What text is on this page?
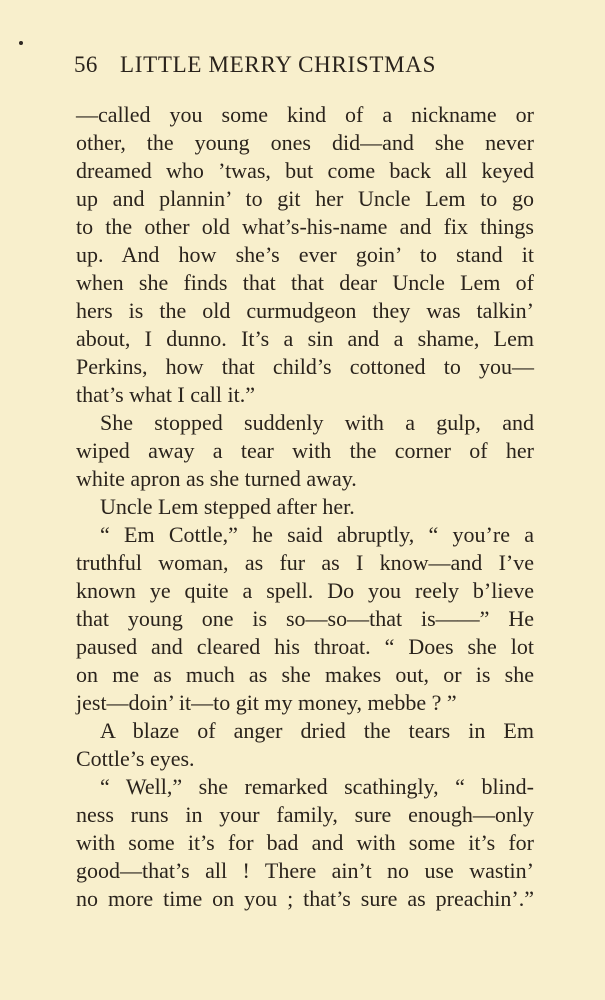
56 LITTLE MERRY CHRISTMAS
—called you some kind of a nickname or
other, the young ones did—and she never
dreamed who ’twas, but come back all keyed
up and plannin’ to git her Uncle Lem to go
to the other old what’s-his-name and fix things
up. And how she’s ever goin’ to stand it
when she finds that that dear Uncle Lem of
hers is the old curmudgeon they was talkin’
about, I dunno. It’s a sin and a shame, Lem
Perkins, how that child’s cottoned to you—
that’s what I call it.”
She stopped suddenly with a gulp, and
wiped away a tear with the corner of her
white apron as she turned away.
Uncle Lem stepped after her.
“ Em Cottle,” he said abruptly, “ you’re a
truthful woman, as fur as I know—and I’ve
known ye quite a spell. Do you reely b’lieve
that young one is so—so—that is——” He
paused and cleared his throat. “ Does she lot
on me as much as she makes out, or is she
jest—doin’ it—to git my money, mebbe ? ”
A blaze of anger dried the tears in Em
Cottle’s eyes.
“ Well,” she remarked scathingly, “ blind-
ness runs in your family, sure enough—only
with some it’s for bad and with some it’s for
good—that’s all ! There ain’t no use wastin’
no more time on you ; that’s sure as preachin’.”
